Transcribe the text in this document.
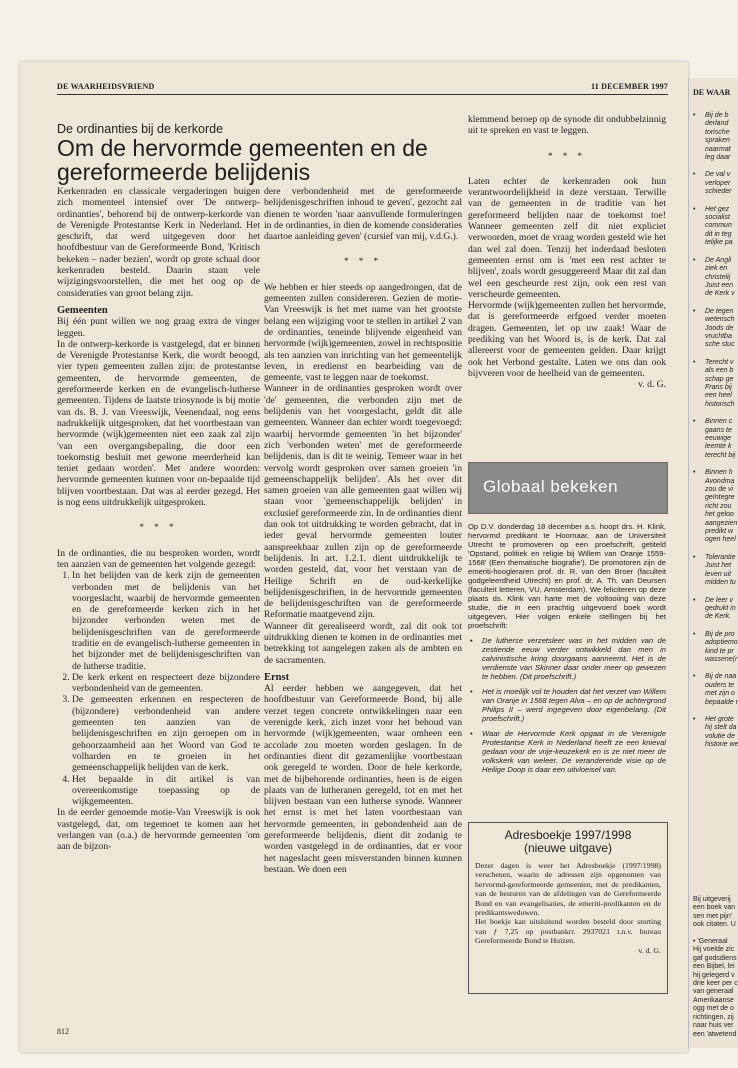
DE WAARHEIDSVRIEND	11 DECEMBER 1997
De ordinanties bij de kerkorde
Om de hervormde gemeenten en de gereformeerde belijdenis

Kerkenraden en classicale vergaderingen buigen zich momenteel intensief over 'De ontwerp-ordinanties', behorend bij de ontwerp-kerkorde van de Verenigde Protestantse Kerk in Nederland. Het geschrift, dat werd uitgegeven door het hoofdbestuur van de Gereformeerde Bond, 'Kritisch bekeken – nader bezien', wordt op grote schaal door kerkenraden besteld. Daarin staan vele wijzigingsvoorstellen, die met het oog op de consideraties van groot belang zijn.

Gemeenten

Bij één punt willen we nog graag extra de vinger leggen.

In de ontwerp-kerkorde is vastgelegd, dat er binnen de Verenigde Protestantse Kerk, die wordt beoogd, vier typen gemeenten zullen zijn: de protestantse gemeenten, de hervormde gemeenten, de gereformeerde kerken en de evangelisch-lutherse gemeenten. Tijdens de laatste triosynode is bij motie van ds. B. J. van Vreeswijk, Veenendaal, nog eens nadrukkelijk uitgesproken, dat het voortbestaan van hervormde (wijk)gemeenten niet een zaak zal zijn 'van een overgangsbepaling, die door een toekomstig besluit met gewone meerderheid kan teniet gedaan worden'. Met andere woorden: hervormde gemeenten kunnen voor on-bepaalde tijd blijven voortbestaan. Dat was al eerder gezegd. Het is nog eens uitdrukkelijk uitgesproken.

* * *

In de ordinanties, die nu besproken worden, wordt ten aanzien van de gemeenten het volgende gezegd:

1. In het belijden van de kerk zijn de gemeenten verbonden met de belijdenis van het voorgeslacht, waarbij de hervormde gemeenten en de gereformeerde kerken zich in het bijzonder verbonden weten met de belijdenisgeschriften van de gereformeerde traditie en de evangelisch-lutherse gemeenten in het bijzonder met de belijdenisgeschriften van de lutherse traditie.
2. De kerk erkent en respecteert deze bijzondere verbondenheid van de gemeenten.
3. De gemeenten erkennen en respecteren de (bijzondere) verbondenheid van andere gemeenten ten aanzien van de belijdenisgeschriften en zijn geroepen om in gehoorzaamheid aan het Woord van God te volharden en te groeien in het gemeenschappelijk belijden van de kerk.
4. Het bepaalde in dit artikel is van overeenkomstige toepassing op de wijkgemeenten.

In de eerder genoemde motie-Van Vreeswijk is ook vastgelegd, dat, om tegemoet te komen aan het verlangen van (o.a.) de hervormde gemeenten 'om aan de bijzon-

dere verbondenheid met de gereformeerde belijdenisgeschriften inhoud te geven', gezocht zal dienen te worden 'naar aanvullende formuleringen in de ordinanties, in dien de komende consideraties daartoe aanleiding geven' (cursief van mij, v.d.G.).

* * *

We hebben er hier steeds op aangedrongen, dat de gemeenten zullen considereren. Gezien de motie-Van Vreeswijk is het met name van het grootste belang een wijziging voor te stellen in artikel 2 van de ordinanties, teneinde blijvende eigenheid van hervormde (wijk)gemeenten, zowel in rechtspositie als ten aanzien van inrichting van het gemeentelijk leven, in eredienst en bearbeiding van de gemeente, vast te leggen naar de toekomst.

Wanneer in de ordinanties gesproken wordt over 'de' gemeenten, die verbonden zijn met de belijdenis van het voorgeslacht, geldt dit alle gemeenten. Wanneer dan echter wordt toegevoegd: waarbij hervormde gemeenten 'in het bijzonder' zich 'verbonden weten' met de gereformeerde belijdenis, dan is dit te weinig. Temeer waar in het vervolg wordt gesproken over samen groeien 'in gemeenschappelijk belijden'. Als het over dit samen groeien van alle gemeenten gaat willen wij staan voor 'gemeenschappelijk belijden' in exclusief gereformeerde zin. In de ordinanties dient dan ook tot uitdrukking te worden gebracht, dat in ieder geval hervormde gemeenten louter aanspreekbaar zullen zijn op de gereformeerde belijdenis. In art. 1.2.1. dient uitdrukkelijk te worden gesteld, dat, voor het verstaan van de Heilige Schrift en de oud-kerkelijke belijdenisgeschriften, in de hervormde gemeenten de belijdenisgeschriften van de gereformeerde Reformatie maatgevend zijn.

Wanneer dit gerealiseerd wordt, zal dit ook tot uitdrukking dienen te komen in de ordinanties met betrekking tot aangelegen zaken als de ambten en de sacramenten.

Ernst

Al eerder hebben we aangegeven, dat het hoofdbestuur van Gereformeerde Bond, bij alle verzet tegen concrete ontwikkelingen naar een verenigde kerk, zich inzet voor het behoud van hervormde (wijk)gemeenten, waar omheen een accolade zou moeten worden geslagen. In de ordinanties dient dit gezamenlijke voortbestaan ook geregeld te worden. Door de hele kerkorde, met de bijbehorende ordinanties, heen is de eigen plaats van de lutheranen geregeld, tot en met het blijven bestaan van een lutherse synode. Wanneer het ernst is met het laten voortbestaan van hervormde gemeenten, in gebondenheid aan de gereformeerde belijdenis, dient dit zodanig te worden vastgelegd in de ordinanties, dat er voor het nageslacht geen misverstanden binnen kunnen bestaan. We doen een

klemmend beroep op de synode dit ondubbelzinnig uit te spreken en vast te leggen.

* * *

Laten echter de kerkenraden ook hun verantwoordelijkheid in deze verstaan. Terwille van de gemeenten in de traditie van het gereformeerd belijden naar de toekomst toe! Wanneer gemeenten zelf dit niet expliciet verwoorden, moet de vraag worden gesteld wie het dan wel zal doen. Tenzij het inderdaad besloten gemeenten ernst om is 'met een rest achter te blijven', zoals wordt gesuggereerd Maar dit zal dan wel een gescheurde rest zijn, ook een rest van verscheurde gemeenten.

Hervormde (wijk)gemeenten zullen het hervormde, dat is gereformeerde erfgoed verder moeten dragen. Gemeenten, let op uw zaak! Waar de prediking van het Woord is, is de kerk. Dat zal allereerst voor de gemeenten gelden. Daar krijgt ook het Verbond gestalte. Laten we ons dan ook bijvveren voor de heelheid van de gemeenten.

v. d. G.

Globaal bekeken

Op D.V. donderdag 18 december a.s. hoopt drs. H. Klink, hervormd predikant te Hoornaar, aan de Universiteit Utrecht te promoveren op een proefschrift, getiteld 'Opstand, politiek en religie bij Willem van Oranje 1559-1568' (Een thematische biografie'). De promotoren zijn de emeriti-hoogleraren prof. dr. R. van den Broer (faculteit godgeleerdheid Utrecht) en prof. dr. A. Th. van Deursen (faculteit letteren, VU, Amsterdam). We feliciteren op deze plaats ds. Klink van harte met de voltooiing van deze studie, die in een prachtig uitgevoerd boek wordt uitgegeven. Hier volgen enkele stellingen bij het proefschrift:

• De lutherse verzetsleer was in het midden van de zestiende eeuw verder ontwikkeld dan men in calvinistische kring doorgaans aanneemt. Het is de verdienste van Skinner daar onder meer op gewezen te hebben. (Dit proefschrift.)
• Het is moeilijk vol te houden dat het verzet van Willem van Oranje in 1568 tegen Alva – en op de achtergrond Philips II – werd ingegeven door eigenbelang. (Dit proefschrift.)
• Waar de Hervormde Kerk opgaat in de Verenigde Protestantse Kerk in Nederland heeft ze een knieval gedaan voor de vrije-keuzekerk en is ze niet meer de volkskerk van weleer. De veranderende visie op de Heilige Doop is daar een uitvloeisel van.
Adresboekje 1997/1998
(nieuwe uitgave)

Dezer dagen is weer het Adresboekje (1997/1998) verschenen, waarin de adressen zijn opgenomen van hervormd-gereformeerde gemeenten, met de predikanten, van de besturen van de afdelingen van de Gereformeerde Bond en van evangelisaties, de emeriti-predikanten en de predikantsweduwen.

Het boekje kan uitsluitend worden besteld door storting van ƒ 7,25 op postbankrr. 2937021 t.n.v. bureau Gereformeerde Bond te Huizen.

v. d. G.

812
DE WAAR
• Bij de b
derland
torische
spraken
naarmat
leg daar
• De val v
verloper
schieder
• Het gez
socialist
commun
dit in teg
telijke pa
• De Angli
ziek en
christelij
Juist een
de Kerk v
• De tegen
wetensch
Joods de
vruchtba
sche stuc
• Terecht v
als een b
schap ge
Frans bij
een heel
historisch
• Binnen c
gaans te
eeuwige
leemte k
terecht bij
• Binnen h
Avondma
zou de vi
geïntegre
richt zou
het geloo
aangezien
predikt w
ogen heel
• Tolerantie
Juist het
leven uit
midden tu
• De leer v
gedrukt in
de Kerk.
• Bij de pro
adoptiemo
kind te pr
wassene(r
• Bij de naa
ouders te
met zijn o
bepaalde r
• Het grote
hij stelt da
volutie de
historie we
Bij uitgeverij
een boek van
sen met pijn'
ook citaten. U

• 'Generaal
Hij voelde zic
gaf godsdiens
een Bijbel, lei
hij gelegerd v
drie keer per c
van generaal
Amerikaanse
ogg met de o
richtingen, zij
naar huis ver
een 'atwetend
